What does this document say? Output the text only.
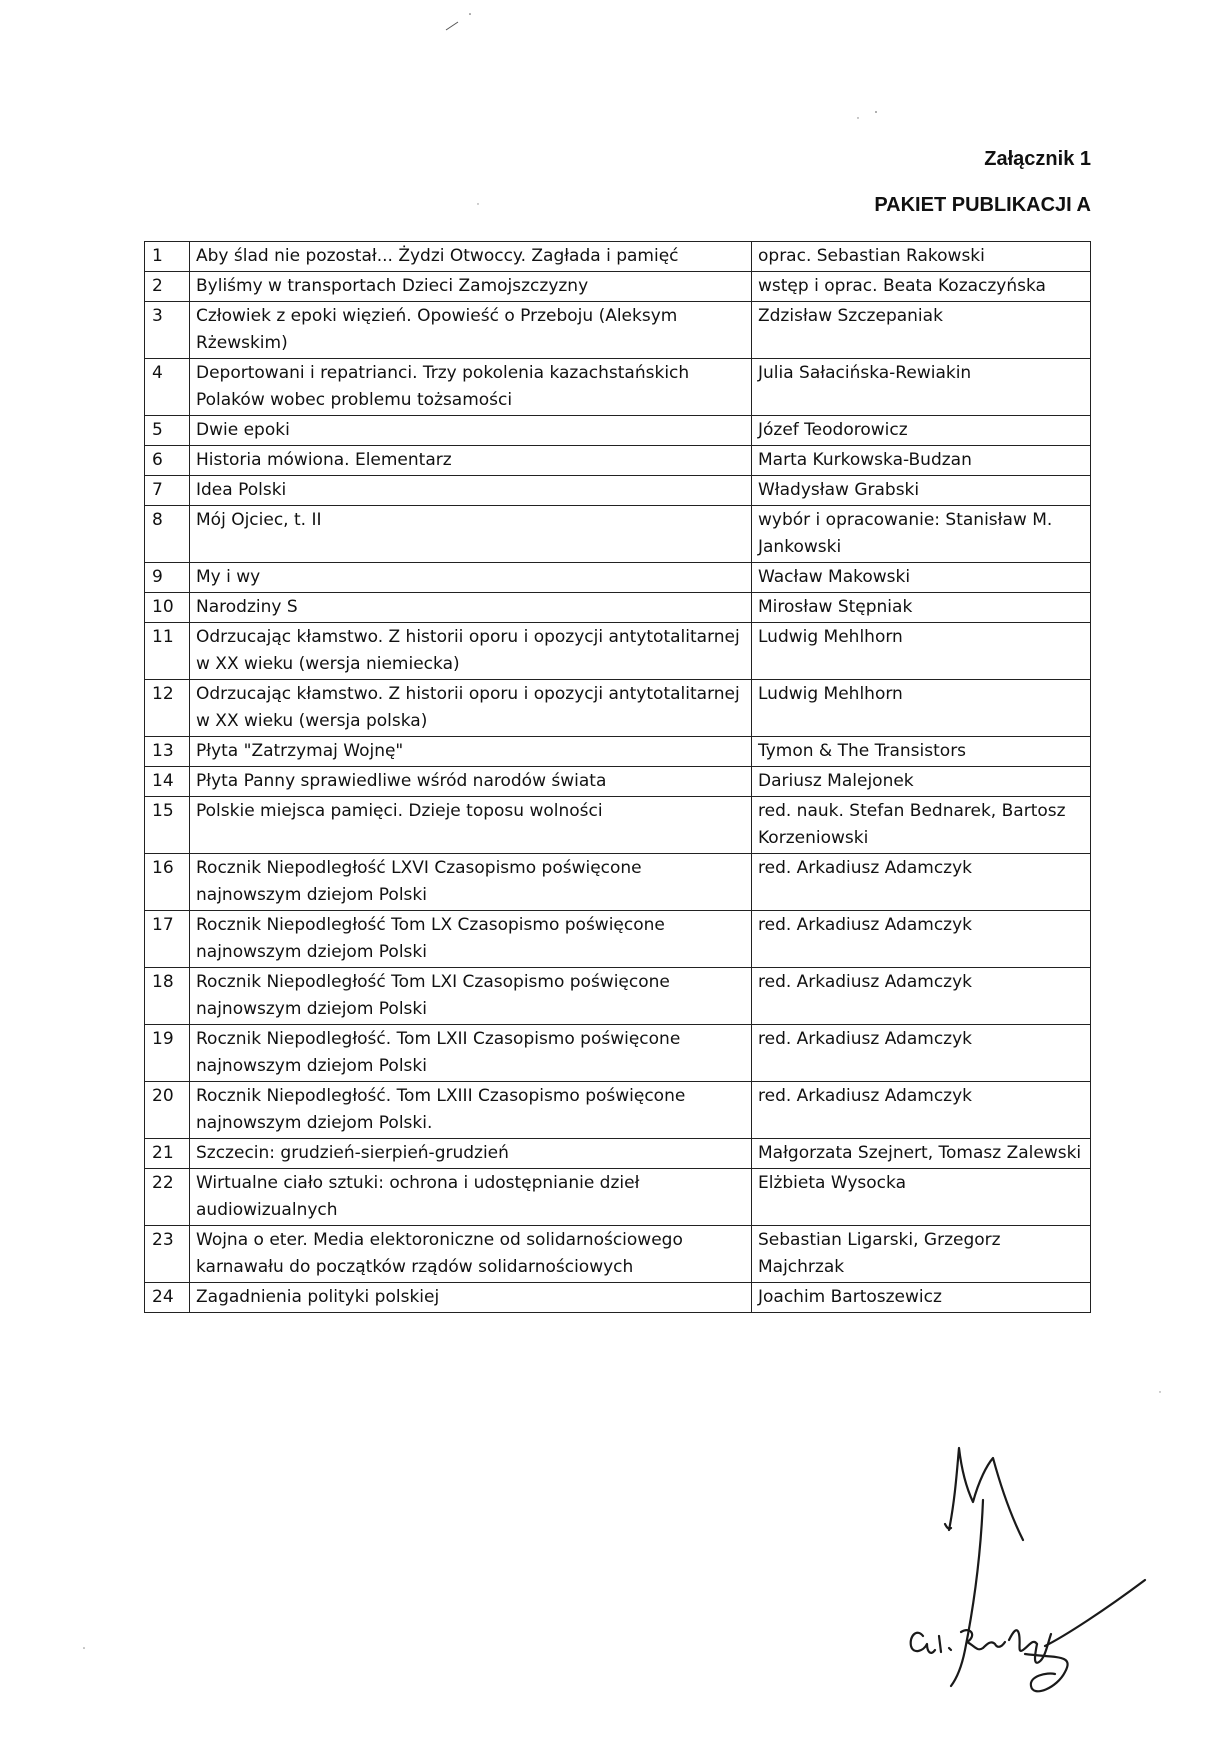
Załącznik 1
PAKIET PUBLIKACJI A
1	Aby ślad nie pozostał... Żydzi Otwoccy. Zagłada i pamięć	oprac. Sebastian Rakowski
2	Byliśmy w transportach Dzieci Zamojszczyzny	wstęp i oprac. Beata Kozaczyńska
3	Człowiek z epoki więzień. Opowieść o Przeboju (Aleksym Rżewskim)	Zdzisław Szczepaniak
4	Deportowani i repatrianci. Trzy pokolenia kazachstańskich Polaków wobec problemu tożsamości	Julia Sałacińska-Rewiakin
5	Dwie epoki	Józef Teodorowicz
6	Historia mówiona. Elementarz	Marta Kurkowska-Budzan
7	Idea Polski	Władysław Grabski
8	Mój Ojciec, t. II	wybór i opracowanie: Stanisław M. Jankowski
9	My i wy	Wacław Makowski
10	Narodziny S	Mirosław Stępniak
11	Odrzucając kłamstwo. Z historii oporu i opozycji antytotalitarnej w XX wieku (wersja niemiecka)	Ludwig Mehlhorn
12	Odrzucając kłamstwo. Z historii oporu i opozycji antytotalitarnej w XX wieku (wersja polska)	Ludwig Mehlhorn
13	Płyta "Zatrzymaj Wojnę"	Tymon & The Transistors
14	Płyta Panny sprawiedliwe wśród narodów świata	Dariusz Malejonek
15	Polskie miejsca pamięci. Dzieje toposu wolności	red. nauk. Stefan Bednarek, Bartosz Korzeniowski
16	Rocznik Niepodległość LXVI Czasopismo poświęcone najnowszym dziejom Polski	red. Arkadiusz Adamczyk
17	Rocznik Niepodległość Tom LX Czasopismo poświęcone najnowszym dziejom Polski	red. Arkadiusz Adamczyk
18	Rocznik Niepodległość Tom LXI Czasopismo poświęcone najnowszym dziejom Polski	red. Arkadiusz Adamczyk
19	Rocznik Niepodległość. Tom LXII Czasopismo poświęcone najnowszym dziejom Polski	red. Arkadiusz Adamczyk
20	Rocznik Niepodległość. Tom LXIII Czasopismo poświęcone najnowszym dziejom Polski.	red. Arkadiusz Adamczyk
21	Szczecin: grudzień-sierpień-grudzień	Małgorzata Szejnert, Tomasz Zalewski
22	Wirtualne ciało sztuki: ochrona i udostępnianie dzieł audiowizualnych	Elżbieta Wysocka
23	Wojna o eter. Media elektoroniczne od solidarnościowego karnawału do początków rządów solidarnościowych	Sebastian Ligarski, Grzegorz Majchrzak
24	Zagadnienia polityki polskiej	Joachim Bartoszewicz
A. Pawlak
